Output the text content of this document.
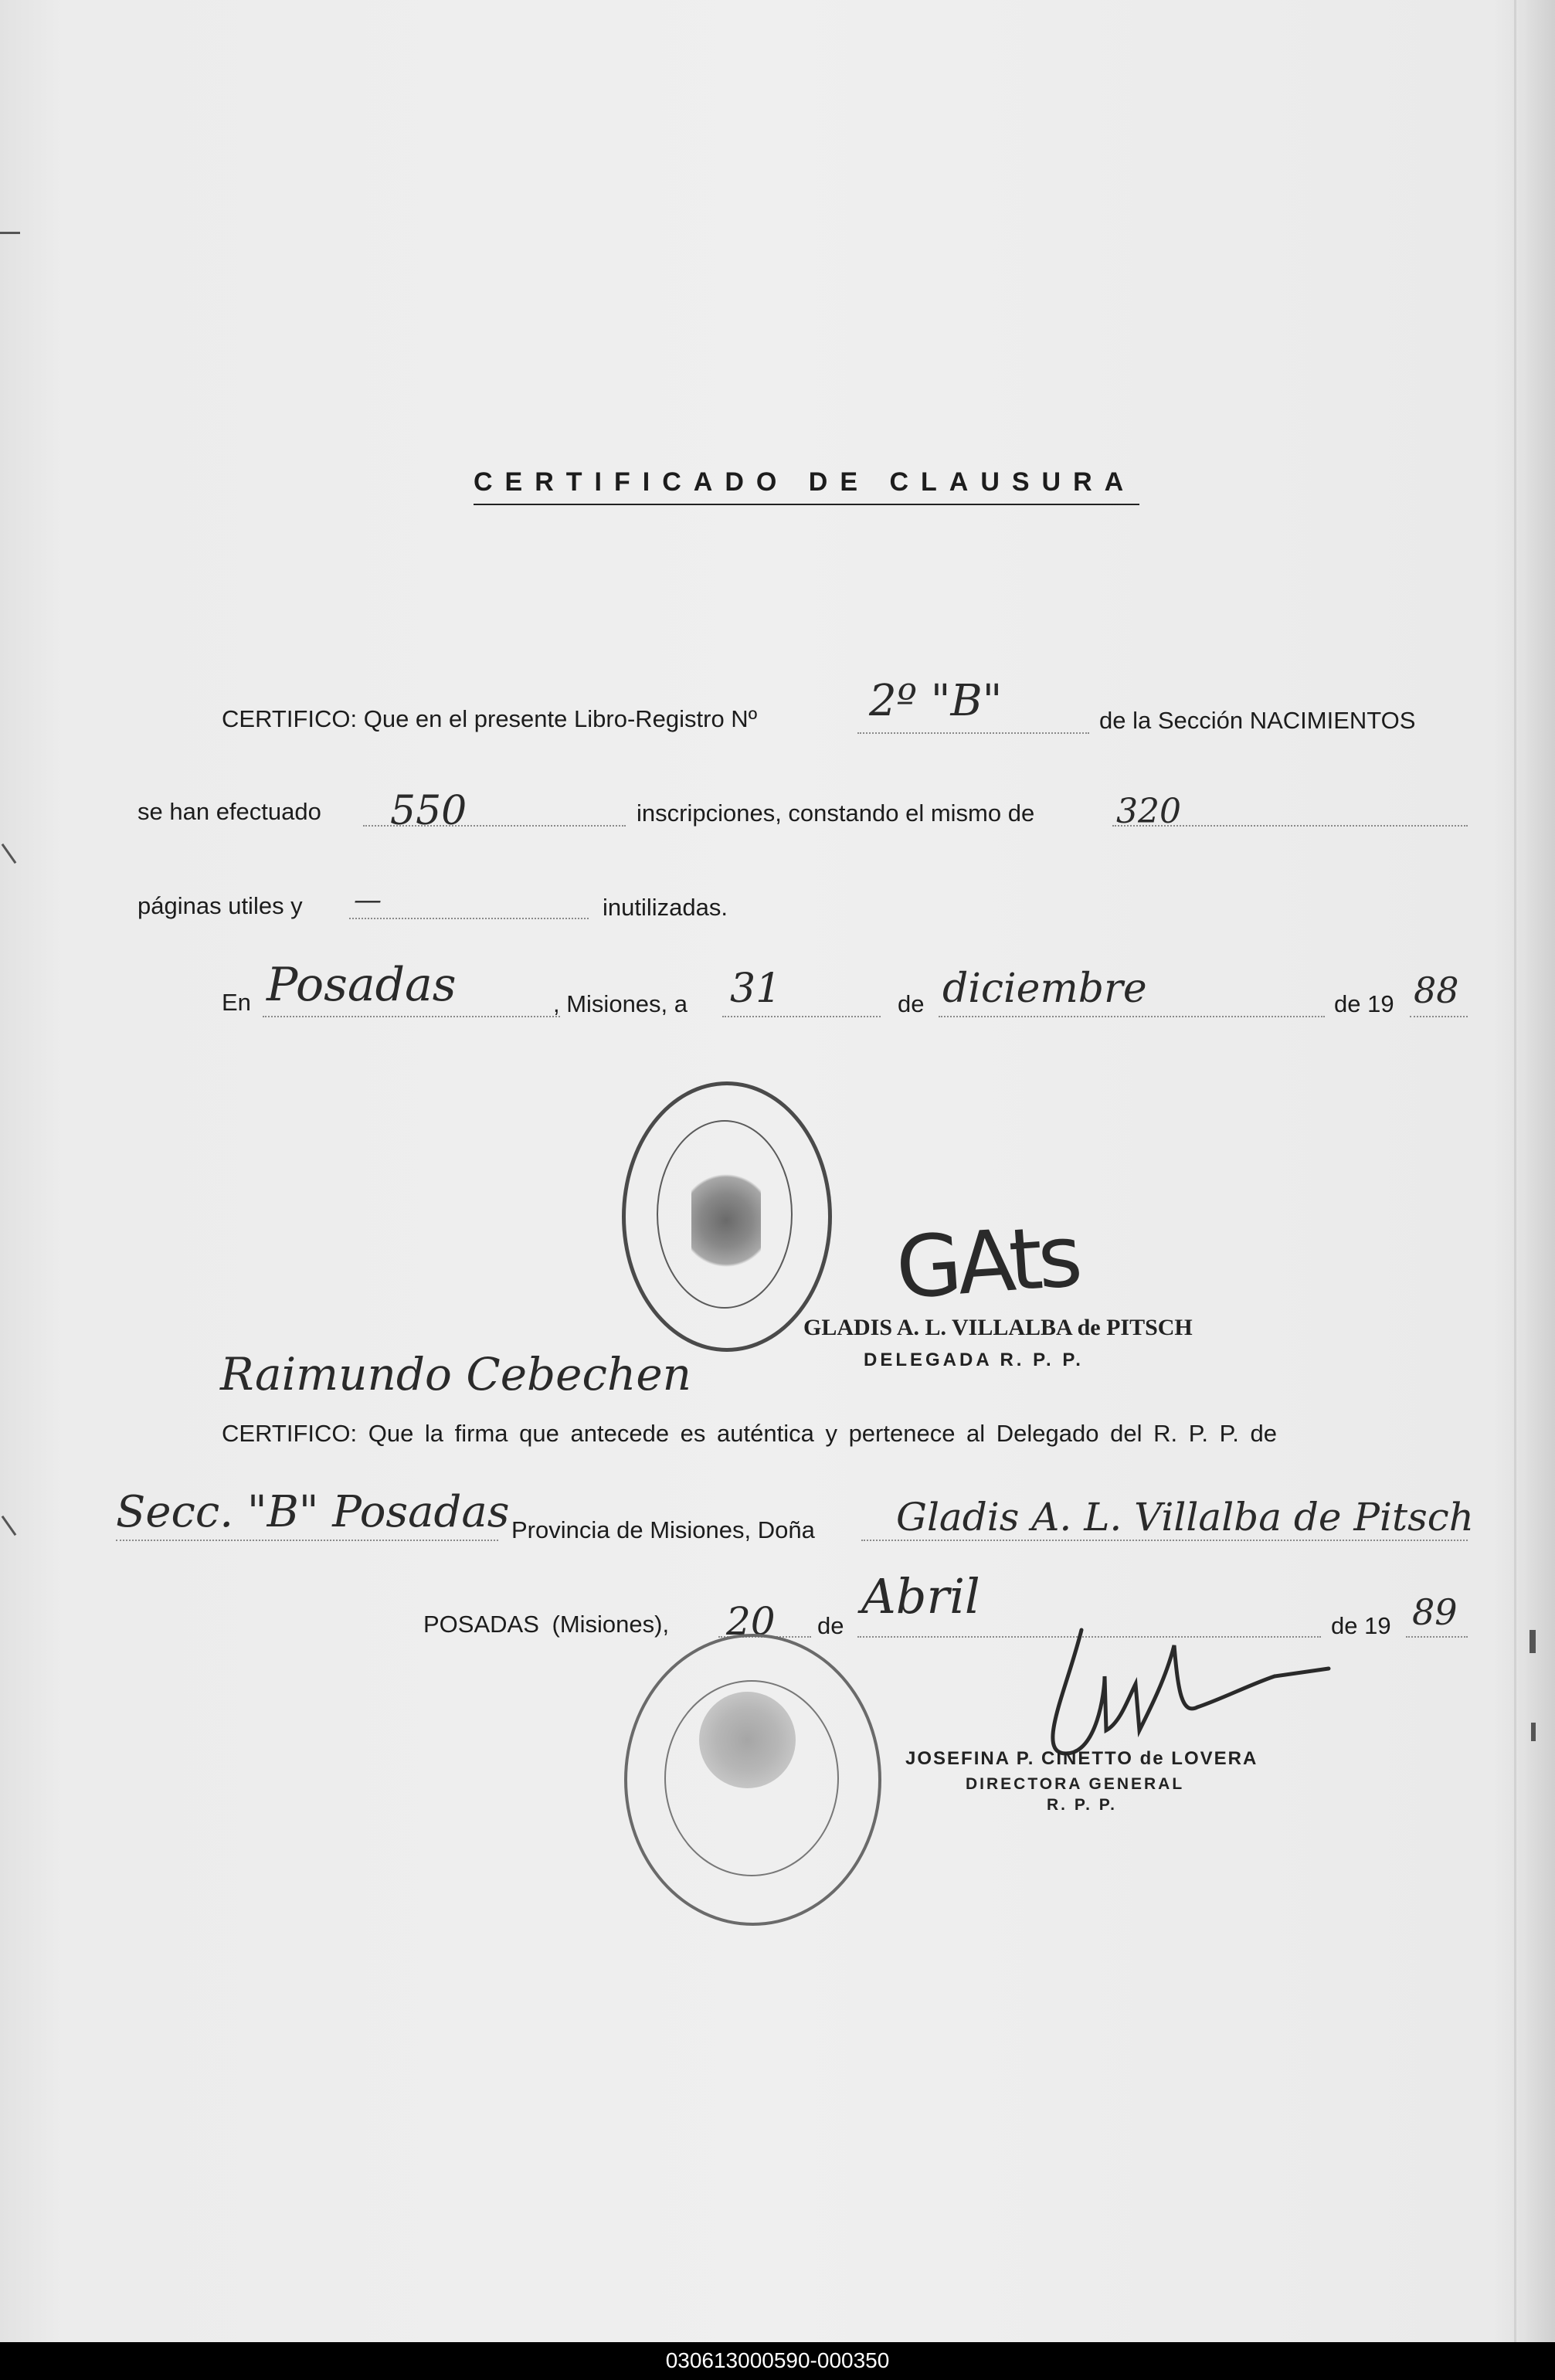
CERTIFICADO DE CLAUSURA
CERTIFICO: Que en el presente Libro-Registro Nº	2º "B"	de la Sección NACIMIENTOS
se han efectuado 550	inscripciones, constando el mismo de 320
páginas utiles y —	inutilizadas.
En Posadas	, Misiones, a 31	de diciembre	de 19 88
GAts
GLADIS A. L. VILLALBA de PITSCH
DELEGADA R. P. P.
Raimundo Cebechen
CERTIFICO: Que la firma que antecede es auténtica y pertenece al Delegado del R. P. P. de
Secc. "B" Posadas Provincia de Misiones, Doña Gladis A. L. Villalba de Pitsch
POSADAS (Misiones), 20 de
Abril
de 19 89
JOSEFINA P. CINETTO de LOVERA
DIRECTORA GENERAL
R. P. P.
030613000590-000350
